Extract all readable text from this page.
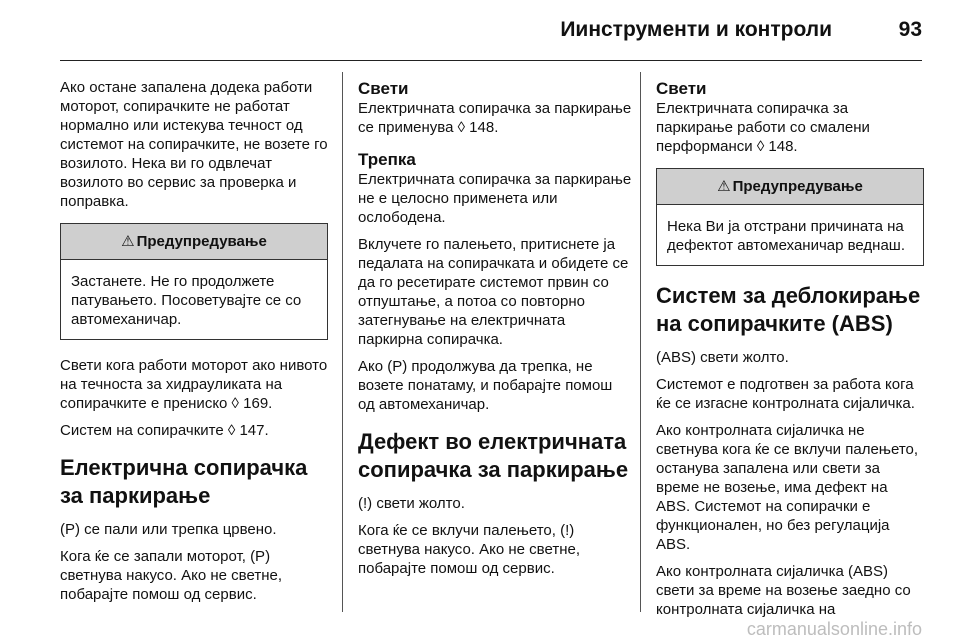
Иинструменти и контроли	93

Ако остане запалена додека работи моторот, сопирачките не работат нормално или истекува течност од системот на сопирачките, не возете го возилото. Нека ви го одвлечат возилото во сервис за проверка и поправка.

⚠ Предупредување
Застанете. Не го продолжете патувањето. Посоветувајте се со автомеханичар.

Свети кога работи моторот ако нивото на течноста за хидрауликата на сопирачките е прениско ◊ 169.

Систем на сопирачките ◊ 147.

Електрична сопирачка за паркирање

(P) се пали или трепка црвено.

Кога ќе се запали моторот, (P) светнува накусо. Ако не светне, побарајте помош од сервис.

Свети

Електричната сопирачка за паркирање се применува ◊ 148.

Трепка

Електричната сопирачка за паркирање не е целосно применета или ослободена.

Вклучете го палењето, притиснете ја педалата на сопирачката и обидете се да го ресетирате системот првин со отпуштање, а потоа со повторно затегнување на електричната паркирна сопирачка.

Ако (P) продолжува да трепка, не возете понатаму, и побарајте помош од автомеханичар.

Дефект во електричната сопирачка за паркирање

(!) свети жолто.

Кога ќе се вклучи палењето, (!) светнува накусо. Ако не светне, побарајте помош од сервис.

Свети

Електричната сопирачка за паркирање работи со смалени перформанси ◊ 148.

⚠ Предупредување
Нека Ви ја отстрани причината на дефектот автомеханичар веднаш.
Систем за деблокирање на сопирачките (ABS)

(ABS) свети жолто.

Системот е подготвен за работа кога ќе се изгасне контролната сијаличка.

Ако контролната сијаличка не светнува кога ќе се вклучи палењето, останува запалена или свети за време не возење, има дефект на ABS. Системот на сопирачки е функционален, но без регулација ABS.

Ако контролната сијаличка (ABS) свети за време на возење заедно со контролната сијаличка на

carmanualsonline.info
